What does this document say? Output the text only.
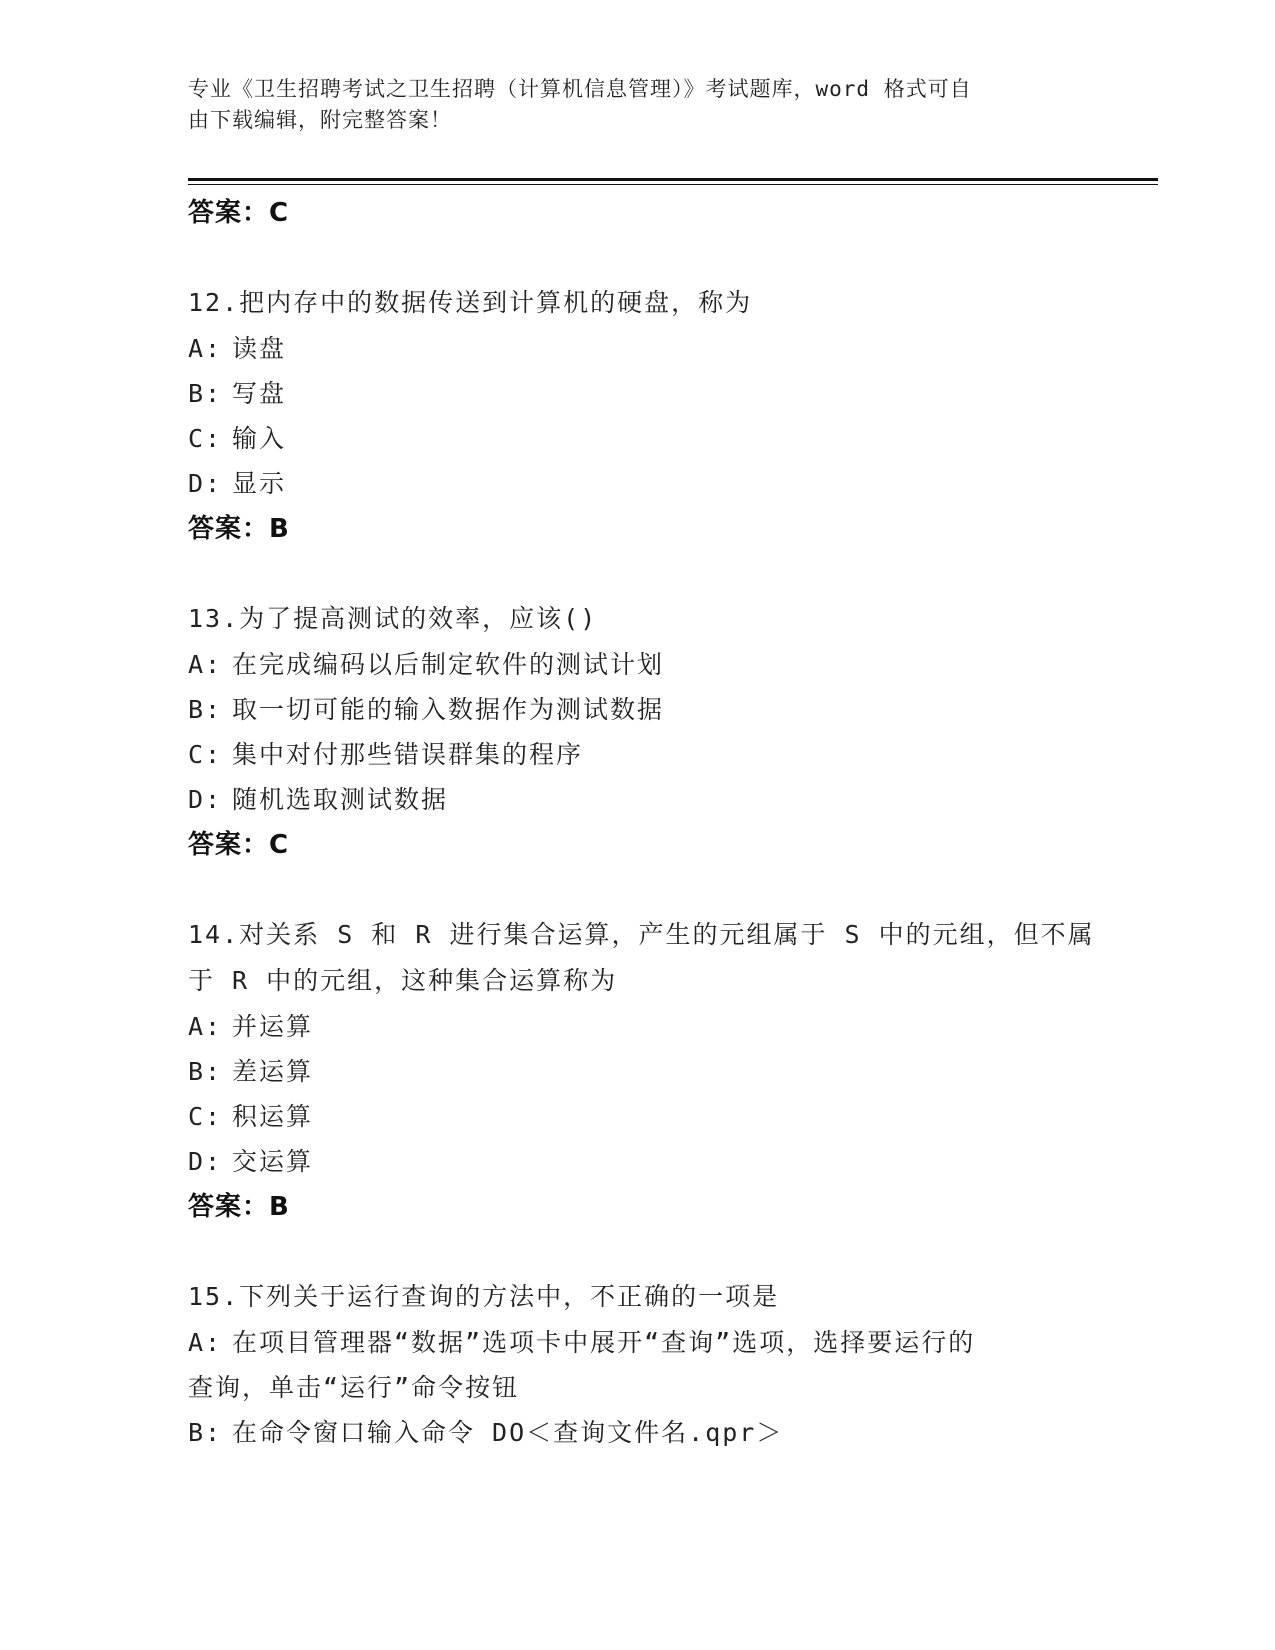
专业《卫生招聘考试之卫生招聘（计算机信息管理）》考试题库，word 格式可自
由下载编辑，附完整答案！
答案：C
12.把内存中的数据传送到计算机的硬盘，称为
A: 读盘
B: 写盘
C: 输入
D: 显示
答案：B
13.为了提高测试的效率，应该()
A: 在完成编码以后制定软件的测试计划
B: 取一切可能的输入数据作为测试数据
C: 集中对付那些错误群集的程序
D: 随机选取测试数据
答案：C
14.对关系 S 和 R 进行集合运算，产生的元组属于 S 中的元组，但不属
于 R 中的元组，这种集合运算称为
A: 并运算
B: 差运算
C: 积运算
D: 交运算
答案：B
15.下列关于运行查询的方法中，不正确的一项是
A: 在项目管理器“数据”选项卡中展开“查询”选项，选择要运行的
查询，单击“运行”命令按钮
B: 在命令窗口输入命令 DO＜查询文件名.qpr＞
